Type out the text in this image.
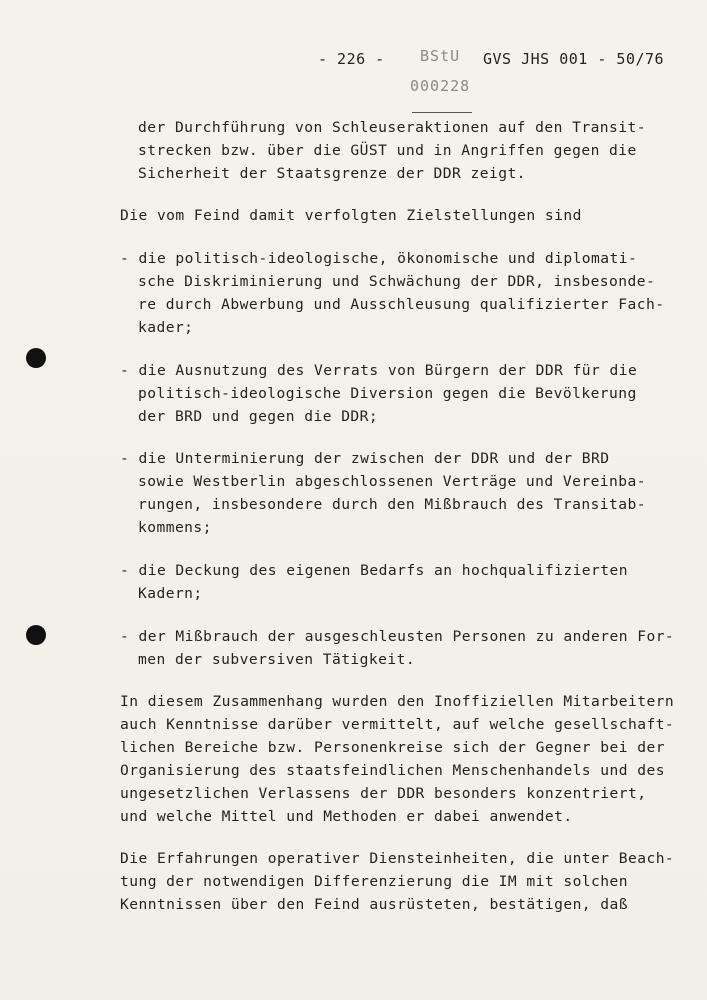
- 226 - BStU GVS JHS 001 - 50/76
000228
der Durchführung von Schleuseraktionen auf den Transit-
strecken bzw. über die GÜST und in Angriffen gegen die
Sicherheit der Staatsgrenze der DDR zeigt.
Die vom Feind damit verfolgten Zielstellungen sind
- die politisch-ideologische, ökonomische und diplomati-
sche Diskriminierung und Schwächung der DDR, insbesonde-
re durch Abwerbung und Ausschleusung qualifizierter Fach-
kader;
- die Ausnutzung des Verrats von Bürgern der DDR für die
politisch-ideologische Diversion gegen die Bevölkerung
der BRD und gegen die DDR;
- die Unterminierung der zwischen der DDR und der BRD
sowie Westberlin abgeschlossenen Verträge und Vereinba-
rungen, insbesondere durch den Mißbrauch des Transitab-
kommens;
- die Deckung des eigenen Bedarfs an hochqualifizierten
Kadern;
- der Mißbrauch der ausgeschleusten Personen zu anderen For-
men der subversiven Tätigkeit.
In diesem Zusammenhang wurden den Inoffiziellen Mitarbeitern
auch Kenntnisse darüber vermittelt, auf welche gesellschaft-
lichen Bereiche bzw. Personenkreise sich der Gegner bei der
Organisierung des staatsfeindlichen Menschenhandels und des
ungesetzlichen Verlassens der DDR besonders konzentriert,
und welche Mittel und Methoden er dabei anwendet.
Die Erfahrungen operativer Diensteinheiten, die unter Beach-
tung der notwendigen Differenzierung die IM mit solchen
Kenntnissen über den Feind ausrüsteten, bestätigen, daß
